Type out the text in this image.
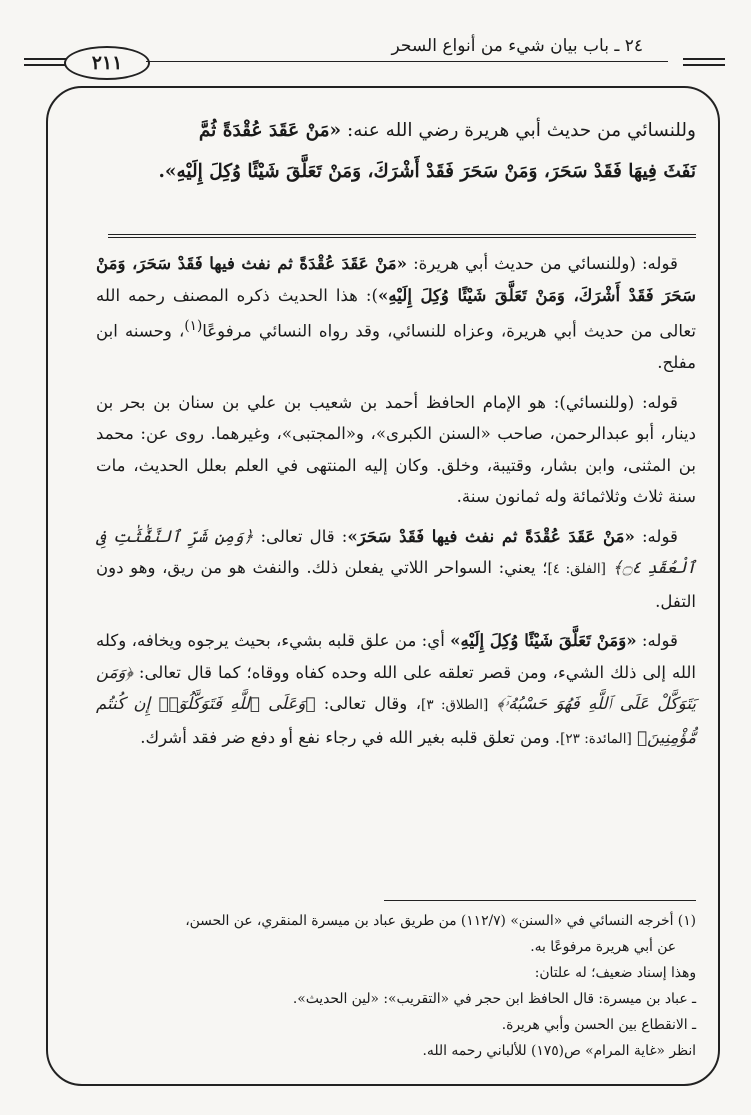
٢١١
٢٤ ـ باب بيان شيء من أنواع السحر

وللنسائي من حديث أبي هريرة رضي الله عنه: «مَنْ عَقَدَ عُقْدَةً ثُمَّ
نَفَثَ فِيهَا فَقَدْ سَحَرَ، وَمَنْ سَحَرَ فَقَدْ أَشْرَكَ، وَمَنْ تَعَلَّقَ شَيْئًا وُكِلَ إِلَيْهِ».

قوله: (وللنسائي من حديث أبي هريرة: «مَنْ عَقَدَ عُقْدَةً ثم نفث فيها فَقَدْ سَحَرَ، وَمَنْ سَحَرَ فَقَدْ أَشْرَكَ، وَمَنْ تَعَلَّقَ شَيْئًا وُكِلَ إِلَيْهِ»): هذا الحديث ذكره المصنف رحمه الله تعالى من حديث أبي هريرة، وعزاه للنسائي، وقد رواه النسائي مرفوعًا$^{(١)}$، وحسنه ابن مفلح.

قوله: (وللنسائي): هو الإمام الحافظ أحمد بن شعيب بن علي بن سنان بن بحر بن دينار، أبو عبدالرحمن، صاحب «السنن الكبرى»، و«المجتبى»، وغيرهما. روى عن: محمد بن المثنى، وابن بشار، وقتيبة، وخلق. وكان إليه المنتهى في العلم بعلل الحديث، مات سنة ثلاث وثلاثمائة وله ثمانون سنة.

قوله: «مَنْ عَقَدَ عُقْدَةً ثم نفث فيها فَقَدْ سَحَرَ»: قال تعالى: ﴿وَمِن شَرِّ ٱلنَّفَّٰثَٰتِ فِى ٱلْعُقَدِ ۝٤﴾ [الفلق: ٤]؛ يعني: السواحر اللاتي يفعلن ذلك. والنفث هو من ريق، وهو دون التفل.

قوله: «وَمَنْ تَعَلَّقَ شَيْئًا وُكِلَ إِلَيْهِ» أي: من علق قلبه بشيء، بحيث يرجوه ويخافه، وكله الله إلى ذلك الشيء، ومن قصر تعلقه على الله وحده كفاه ووقاه؛ كما قال تعالى: ﴿وَمَن يَتَوَكَّلْ عَلَى ٱللَّهِ فَهُوَ حَسْبُهُۥٓ﴾ [الطلاق: ٣]، وقال تعالى: ﴿وَعَلَى ٱللَّهِ فَتَوَكَّلُوٓا۟ إِن كُنتُم مُّؤْمِنِينَ﴾ [المائدة: ٢٣]. ومن تعلق قلبه بغير الله في رجاء نفع أو دفع ضر فقد أشرك.

(١) أخرجه النسائي في «السنن» (١١٢/٧) من طريق عباد بن ميسرة المنقري، عن الحسن،
عن أبي هريرة مرفوعًا به.
وهذا إسناد ضعيف؛ له علتان:
ـ عباد بن ميسرة: قال الحافظ ابن حجر في «التقريب»: «لين الحديث».
ـ الانقطاع بين الحسن وأبي هريرة.
انظر «غاية المرام» ص(١٧٥) للألباني رحمه الله.
